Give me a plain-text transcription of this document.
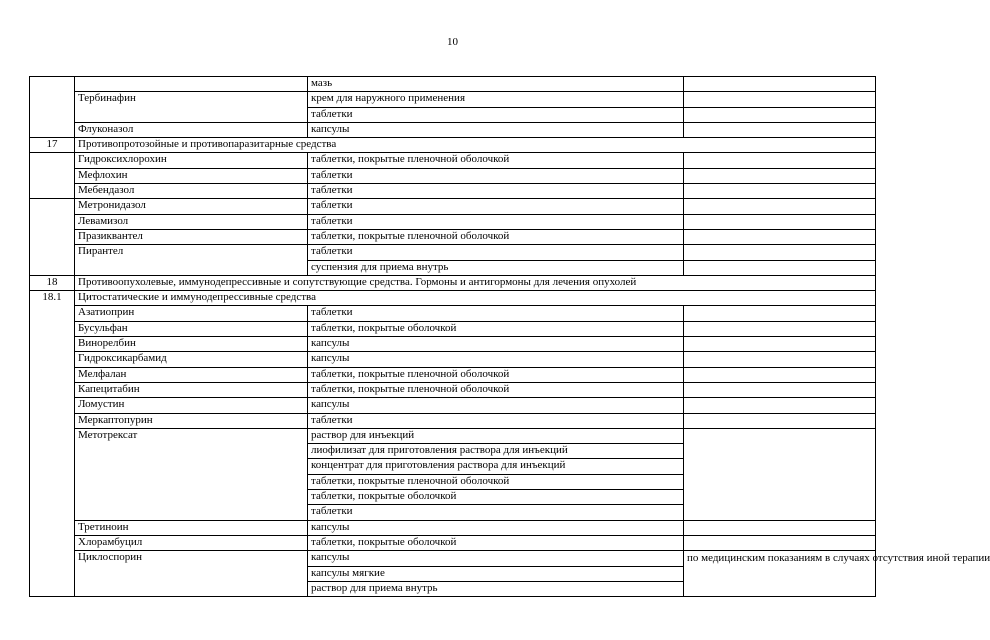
10
		мазь	
	Тербинафин	крем для наружного применения	
		таблетки	
	Флуконазол	капсулы	
17	Противопротозойные и противопаразитарные средства		
	Гидроксихлорохин	таблетки, покрытые пленочной оболочкой	
	Мефлохин	таблетки	
	Мебендазол	таблетки	
	Метронидазол	таблетки	
	Левамизол	таблетки	
	Празиквантел	таблетки, покрытые пленочной оболочкой	
	Пирантел	таблетки	
		суспензия для приема внутрь	
18	Противоопухолевые, иммунодепрессивные и сопутствующие средства. Гормоны и антигормоны для лечения опухолей		
18.1	Цитостатические и иммунодепрессивные средства		
	Азатиоприн	таблетки	
	Бусульфан	таблетки, покрытые оболочкой	
	Винорелбин	капсулы	
	Гидроксикарбамид	капсулы	
	Мелфалан	таблетки, покрытые пленочной оболочкой	
	Капецитабин	таблетки, покрытые пленочной оболочкой	
	Ломустин	капсулы	
	Меркаптопурин	таблетки	
	Метотрексат	раствор для инъекций	
		лиофилизат для приготовления раствора для инъекций	
		концентрат для приготовления раствора для инъекций	
		таблетки, покрытые пленочной оболочкой	
		таблетки, покрытые оболочкой	
		таблетки	
	Третиноин	капсулы	
	Хлорамбуцил	таблетки, покрытые оболочкой	
	Циклоспорин	капсулы	по медицинским показаниям в случаях отсутствия иной терапии
		капсулы мягкие	
		раствор для приема внутрь	
